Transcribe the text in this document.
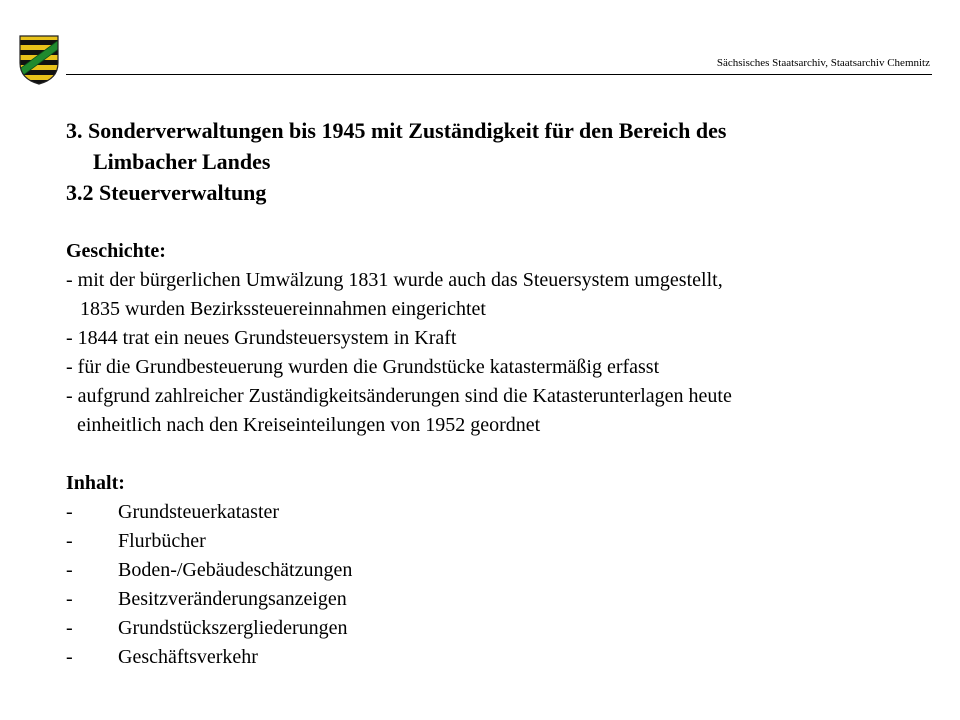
Sächsisches Staatsarchiv, Staatsarchiv Chemnitz
3. Sonderverwaltungen bis 1945 mit Zuständigkeit für den Bereich des
Limbacher Landes
3.2 Steuerverwaltung
Geschichte:
- mit der bürgerlichen Umwälzung 1831 wurde auch das Steuersystem umgestellt,
1835 wurden Bezirkssteuereinnahmen eingerichtet
- 1844 trat ein neues Grundsteuersystem in Kraft
- für die Grundbesteuerung wurden die Grundstücke katastermäßig erfasst
- aufgrund zahlreicher Zuständigkeitsänderungen sind die Katasterunterlagen heute
einheitlich nach den Kreiseinteilungen von 1952 geordnet
Inhalt:
-	Grundsteuerkataster
-	Flurbücher
-	Boden-/Gebäudeschätzungen
-	Besitzveränderungsanzeigen
-	Grundstückszergliederungen
-	Geschäftsverkehr
